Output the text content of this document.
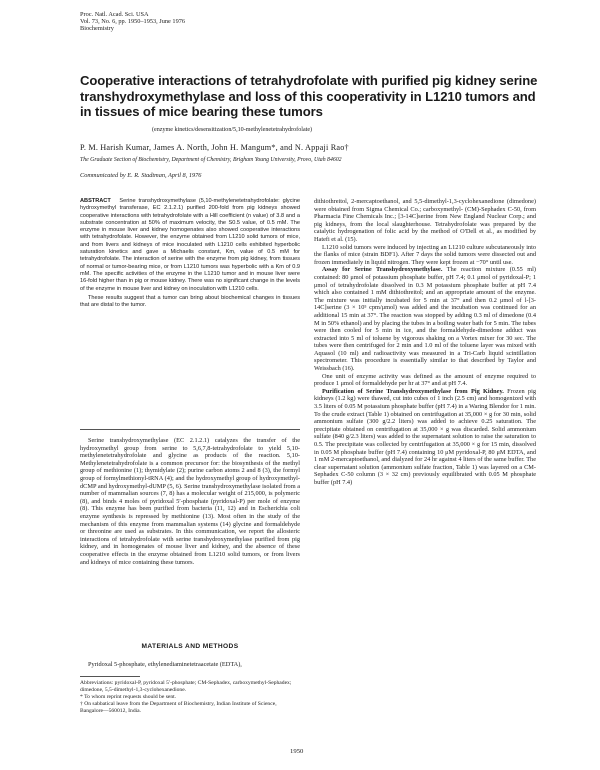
Proc. Natl. Acad. Sci. USA
Vol. 73, No. 6, pp. 1950–1953, June 1976
Biochemistry
Cooperative interactions of tetrahydrofolate with purified pig kidney serine transhydroxymethylase and loss of this cooperativity in L1210 tumors and in tissues of mice bearing these tumors
(enzyme kinetics/desensitization/5,10-methylenetetrahydrofolate)
P. M. Harish Kumar, James A. North, John H. Mangum*, and N. Appaji Rao†
The Graduate Section of Biochemistry, Department of Chemistry, Brigham Young University, Provo, Utah 84602
Communicated by E. R. Stadtman, April 8, 1976

ABSTRACT Serine transhydroxymethylase (5,10-methylenetetrahydrofolate: glycine hydroxymethyl transferase, EC 2.1.2.1) purified 200-fold from pig kidneys showed cooperative interactions with tetrahydrofolate with a Hill coefficient (n value) of 3.8 and a substrate concentration at 50% of maximum velocity, the S0.5 value, of 0.5 mM. The enzyme in mouse liver and kidney homogenates also showed cooperative interactions with tetrahydrofolate. However, the enzyme obtained from L1210 solid tumors of mice, and from livers and kidneys of mice inoculated with L1210 cells exhibited hyperbolic saturation kinetics and gave a Michaelis constant, Km, value of 0.5 mM for tetrahydrofolate. The interaction of serine with the enzyme from pig kidney, from tissues of normal or tumor-bearing mice, or from L1210 tumors was hyperbolic with a Km of 0.9 mM. The specific activities of the enzyme in the L1210 tumor and in mouse liver were 16-fold higher than in pig or mouse kidney. There was no significant change in the levels of the enzyme in mouse liver and kidney on inoculation with L1210 cells.

These results suggest that a tumor can bring about biochemical changes in tissues that are distal to the tumor.

Serine transhydroxymethylase (EC 2.1.2.1) catalyzes the transfer of the hydroxymethyl group from serine to 5,6,7,8-tetrahydrofolate to yield 5,10-methylenetetrahydrofolate and glycine as products of the reaction. 5,10-Methylenetetrahydrofolate is a common precursor for: the biosynthesis of the methyl group of methionine (1); thymidylate (2); purine carbon atoms 2 and 8 (3), the formyl group of formylmethionyl-tRNA (4); and the hydroxymethyl group of hydroxymethyl-dCMP and hydroxymethyl-dUMP (5, 6). Serine transhydroxymethylase isolated from a number of mammalian sources (7, 8) has a molecular weight of 215,000, is polymeric (8), and binds 4 moles of pyridoxal 5′-phosphate (pyridoxal-P) per mole of enzyme (8). This enzyme has been purified from bacteria (11, 12) and in Escherichia coli enzyme synthesis is repressed by methionine (13). Most often in the study of the mechanism of this enzyme from mammalian systems (14) glycine and formaldehyde or threonine are used as substrates. In this communication, we report the allosteric interactions of tetrahydrofolate with serine transhydroxymethylase purified from pig kidney, and in homogenates of mouse liver and kidney, and the absence of these cooperative effects in the enzyme obtained from L1210 solid tumors, or from livers and kidneys of mice containing these tumors.

MATERIALS AND METHODS

Pyridoxal 5-phosphate, ethylenediaminetetraacetate (EDTA),

Abbreviations: pyridoxal-P, pyridoxal 5′-phosphate; CM-Sephadex, carboxymethyl-Sephadex; dimedone, 5,5-dimethyl-1,3-cyclohexanedione.

* To whom reprint requests should be sent.

† On sabbatical leave from the Department of Biochemistry, Indian Institute of Science, Bangalore—560012, India.

dithiothreitol, 2-mercaptoethanol, and 5,5-dimethyl-1,3-cyclohexanedione (dimedone) were obtained from Sigma Chemical Co.; carboxymethyl- (CM)-Sephadex C-50, from Pharmacia Fine Chemicals Inc.; [3-14C]serine from New England Nuclear Corp.; and pig kidneys, from the local slaughterhouse. Tetrahydrofolate was prepared by the catalytic hydrogenation of folic acid by the method of O'Dell et al., as modified by Hatefi et al. (15).

L1210 solid tumors were induced by injecting an L1210 culture subcutaneously into the flanks of mice (strain BDF1). After 7 days the solid tumors were dissected out and frozen immediately in liquid nitrogen. They were kept frozen at −70° until use.

Assay for Serine Transhydroxymethylase. The reaction mixture (0.55 ml) contained: 80 μmol of potassium phosphate buffer, pH 7.4; 0.1 μmol of pyridoxal-P; 1 μmol of tetrahydrofolate dissolved in 0.3 M potassium phosphate buffer at pH 7.4 which also contained 1 mM dithiothreitol; and an appropriate amount of the enzyme. The mixture was initially incubated for 5 min at 37° and then 0.2 μmol of l-[3-14C]serine (3 × 10⁵ cpm/μmol) was added and the incubation was continued for an additional 15 min at 37°. The reaction was stopped by adding 0.3 ml of dimedone (0.4 M in 50% ethanol) and by placing the tubes in a boiling water bath for 5 min. The tubes were then cooled for 5 min in ice, and the formaldehyde-dimedone adduct was extracted into 5 ml of toluene by vigorous shaking on a Vortex mixer for 30 sec. The tubes were then centrifuged for 2 min and 1.0 ml of the toluene layer was mixed with Aquasol (10 ml) and radioactivity was measured in a Tri-Carb liquid scintillation spectrometer. This procedure is essentially similar to that described by Taylor and Weissbach (16).

One unit of enzyme activity was defined as the amount of enzyme required to produce 1 μmol of formaldehyde per hr at 37° and at pH 7.4.

Purification of Serine Transhydroxymethylase from Pig Kidney. Frozen pig kidneys (1.2 kg) were thawed, cut into cubes of 1 inch (2.5 cm) and homogenized with 3.5 liters of 0.05 M potassium phosphate buffer (pH 7.4) in a Waring Blendor for 1 min. To the crude extract (Table 1) obtained on centrifugation at 35,000 × g for 30 min, solid ammonium sulfate (300 g/2.2 liters) was added to achieve 0.25 saturation. The precipitate obtained on centrifugation at 35,000 × g was discarded. Solid ammonium sulfate (840 g/2.3 liters) was added to the supernatant solution to raise the saturation to 0.5. The precipitate was collected by centrifugation at 35,000 × g for 15 min, dissolved in 0.05 M phosphate buffer (pH 7.4) containing 10 μM pyridoxal-P, 80 μM EDTA, and 1 mM 2-mercaptoethanol, and dialyzed for 24 hr against 4 liters of the same buffer. The clear supernatant solution (ammonium sulfate fraction, Table 1) was layered on a CM-Sephadex C-50 column (3 × 32 cm) previously equilibrated with 0.05 M phosphate buffer (pH 7.4)

1950
